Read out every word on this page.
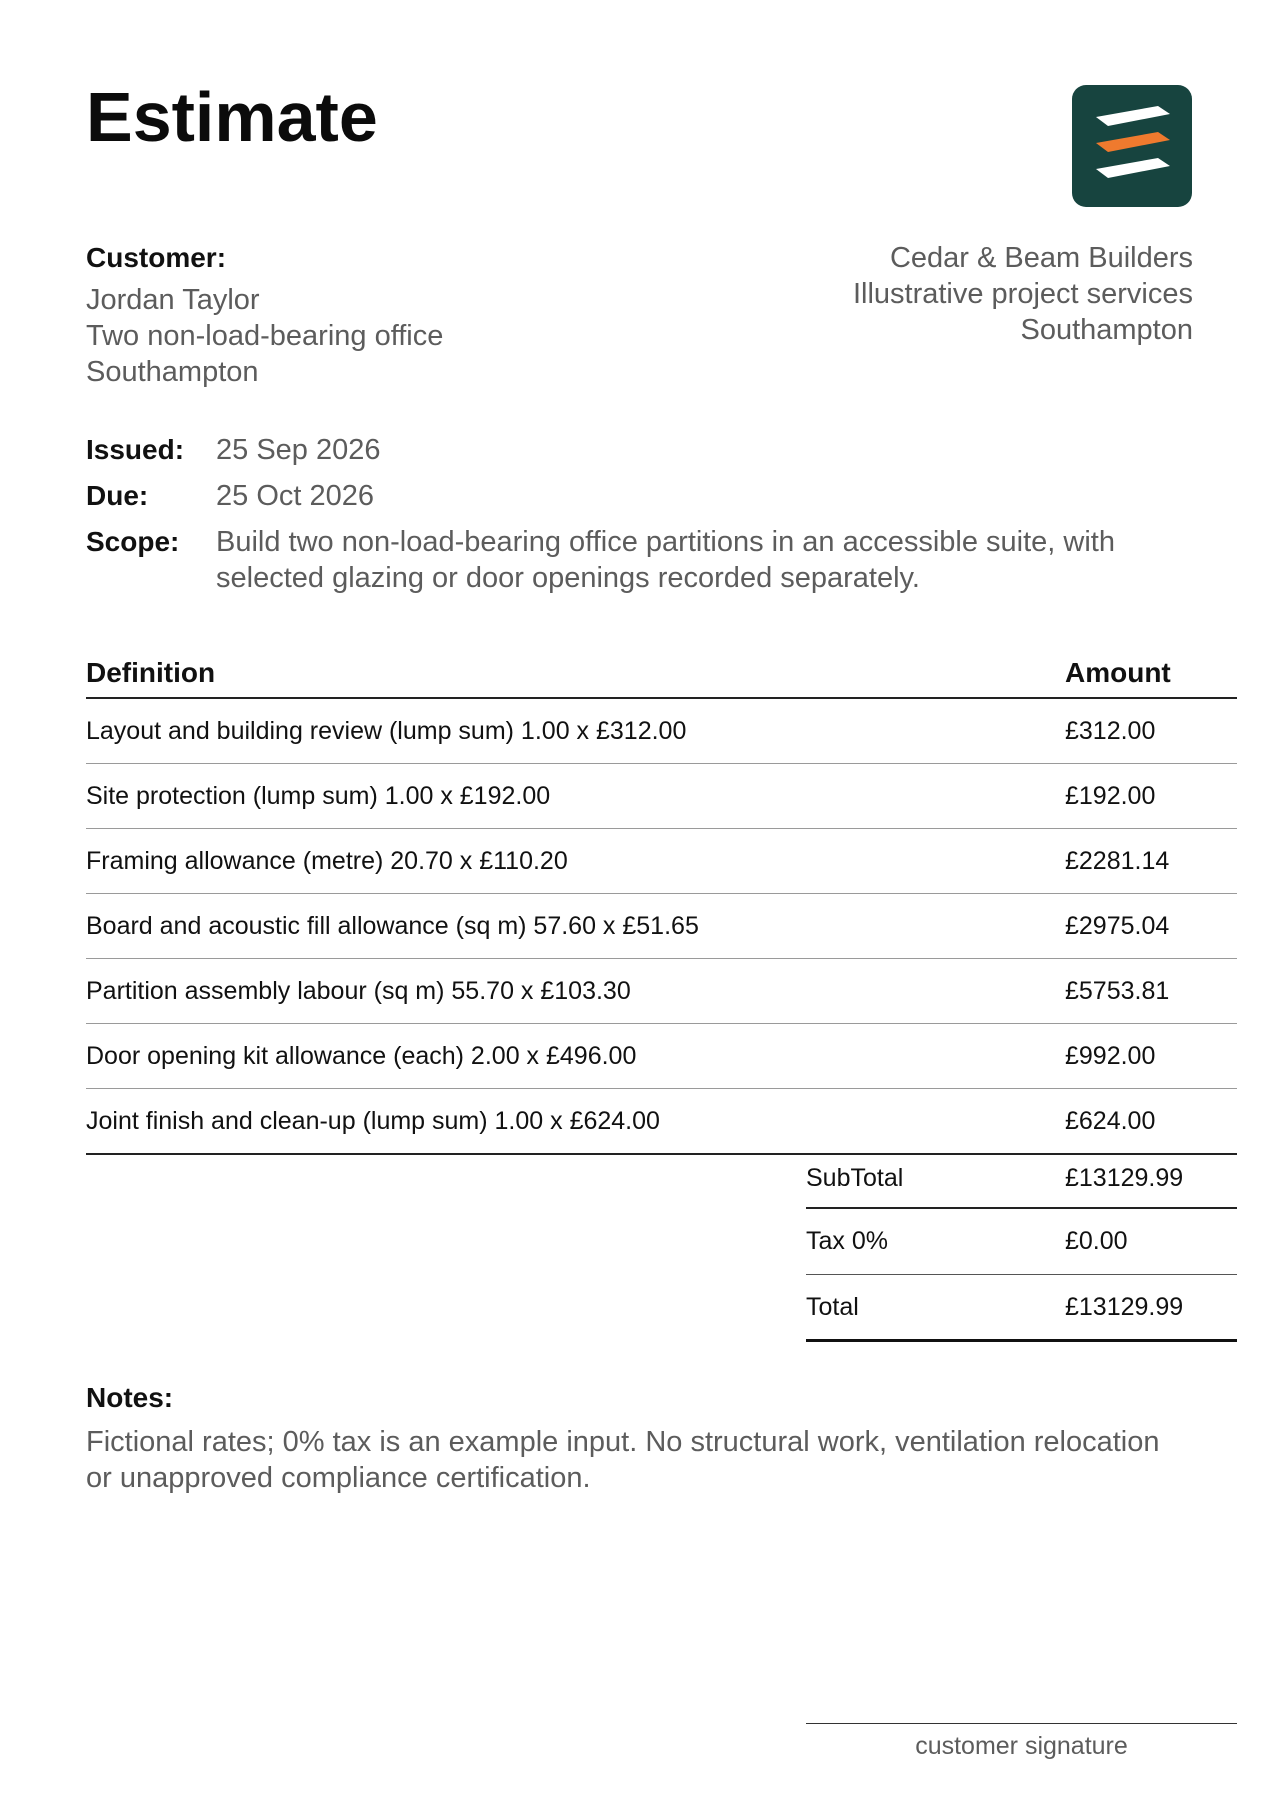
Estimate
Customer:
Jordan Taylor
Two non-load-bearing office
Southampton
Cedar & Beam Builders
Illustrative project services
Southampton
Issued:	25 Sep 2026
Due:	25 Oct 2026
Scope:	Build two non-load-bearing office partitions in an accessible suite, with selected glazing or door openings recorded separately.
Definition	Amount
Layout and building review (lump sum) 1.00 x £312.00	£312.00
Site protection (lump sum) 1.00 x £192.00	£192.00
Framing allowance (metre) 20.70 x £110.20	£2281.14
Board and acoustic fill allowance (sq m) 57.60 x £51.65	£2975.04
Partition assembly labour (sq m) 55.70 x £103.30	£5753.81
Door opening kit allowance (each) 2.00 x £496.00	£992.00
Joint finish and clean-up (lump sum) 1.00 x £624.00	£624.00
SubTotal	£13129.99
Tax 0%	£0.00
Total	£13129.99
Notes:
Fictional rates; 0% tax is an example input. No structural work, ventilation relocation or unapproved compliance certification.
customer signature
